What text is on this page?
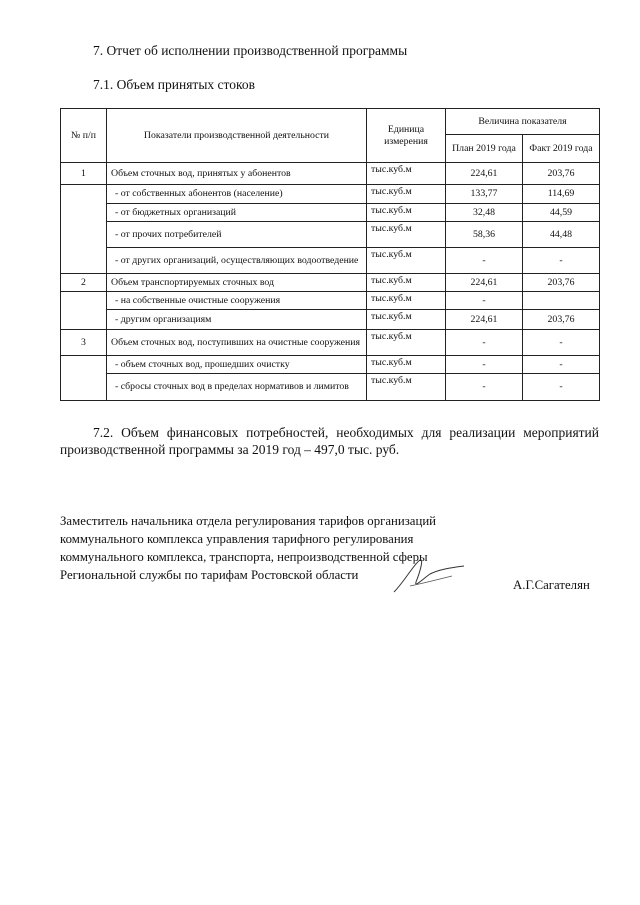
7. Отчет об исполнении производственной программы
7.1. Объем принятых стоков
№ п/п	Показатели производственной деятельности	Единица измерения	Величина показателя	
			План 2019 года	Факт 2019 года
1	Объем сточных вод, принятых у абонентов	тыс.куб.м	224,61	203,76
	- от собственных абонентов (население)	тыс.куб.м	133,77	114,69
	- от бюджетных организаций	тыс.куб.м	32,48	44,59
	- от прочих потребителей	тыс.куб.м	58,36	44,48
	- от других организаций, осуществляющих водоотведение	тыс.куб.м	-	-
2	Объем транспортируемых сточных вод	тыс.куб.м	224,61	203,76
	- на собственные очистные сооружения	тыс.куб.м	-	
	- другим организациям	тыс.куб.м	224,61	203,76
3	Объем сточных вод, поступивших на очистные сооружения	тыс.куб.м	-	-
	- объем сточных вод, прошедших очистку	тыс.куб.м	-	-
	- сбросы сточных вод в пределах нормативов и лимитов	тыс.куб.м	-	-

7.2. Объем финансовых потребностей, необходимых для реализации мероприятий производственной программы за 2019 год – 497,0 тыс. руб.

Заместитель начальника отдела регулирования тарифов организаций коммунального комплекса управления тарифного регулирования коммунального комплекса, транспорта, непроизводственной сферы Региональной службы по тарифам Ростовской области

А.Г.Сагателян
